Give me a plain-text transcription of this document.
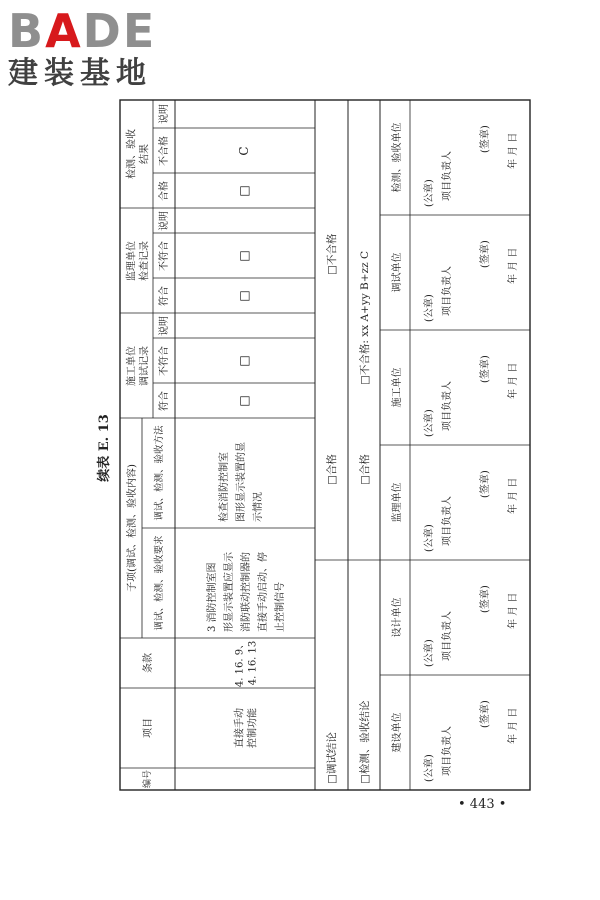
BADE
建装基地
续表 E. 13
编号
项目
条款
子项(调试、检测、验收内容) 调试、检测、验收要求
调试、检测、验收方法
施工单位 调试记录
监理单位 检查记录
检测、验收 结果
符合
不符合
说明
符合
不符合
说明
合格
不合格
说明
直接手动 控制功能
4. 16. 9、 4. 16. 13
3 消防控制室图 形显示装置应显示 消防联动控制器的 直接手动启动、停 止控制信号
检查消防控制室 图形显示装置的显 示情况
□
□
□
□
□
C
□调试结论
□合格
□不合格
□检测、验收结论
□合格
□不合格: xx A+yy B+zz C
建设单位
(公章) 项目负责人
(签章) 年 月 日
设计单位
(公章) 项目负责人
(签章) 年 月 日
监理单位
(公章) 项目负责人
(签章) 年 月 日
施工单位
(公章) 项目负责人
(签章) 年 月 日
调试单位
(公章) 项目负责人
(签章) 年 月 日
检测、验收单位
(公章) 项目负责人
(签章) 年 月 日
• 443 •
